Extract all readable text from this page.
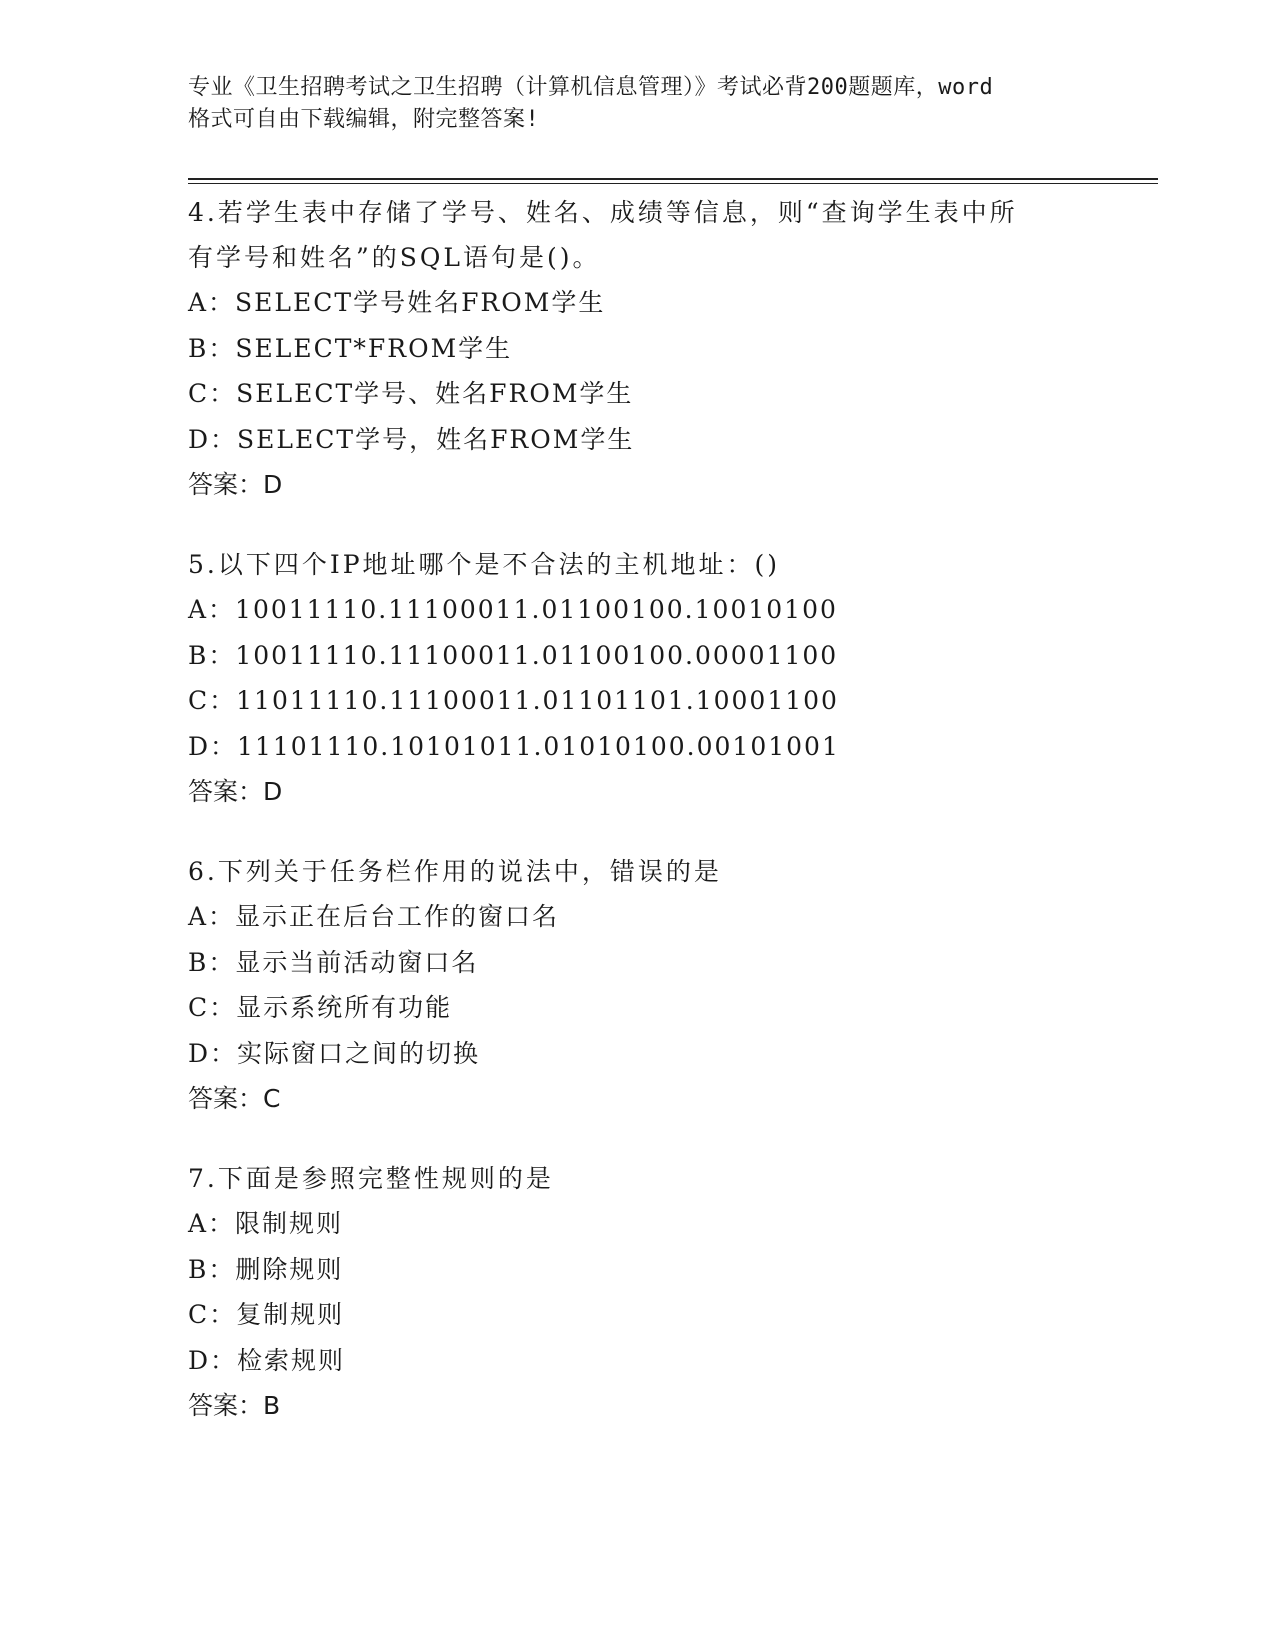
专业《卫生招聘考试之卫生招聘（计算机信息管理）》考试必背200题题库，word

格式可自由下载编辑，附完整答案!

4.若学生表中存储了学号、姓名、成绩等信息，则“查询学生表中所
有学号和姓名”的SQL语句是()。
A：SELECT学号姓名FROM学生
B：SELECT*FROM学生
C：SELECT学号、姓名FROM学生
D：SELECT学号，姓名FROM学生
答案：D
5.以下四个IP地址哪个是不合法的主机地址：()
A：10011110.11100011.01100100.10010100
B：10011110.11100011.01100100.00001100
C：11011110.11100011.01101101.10001100
D：11101110.10101011.01010100.00101001
答案：D
6.下列关于任务栏作用的说法中，错误的是
A：显示正在后台工作的窗口名
B：显示当前活动窗口名
C：显示系统所有功能
D：实际窗口之间的切换
答案：C
7.下面是参照完整性规则的是
A：限制规则
B：删除规则
C：复制规则
D：检索规则
答案：B
